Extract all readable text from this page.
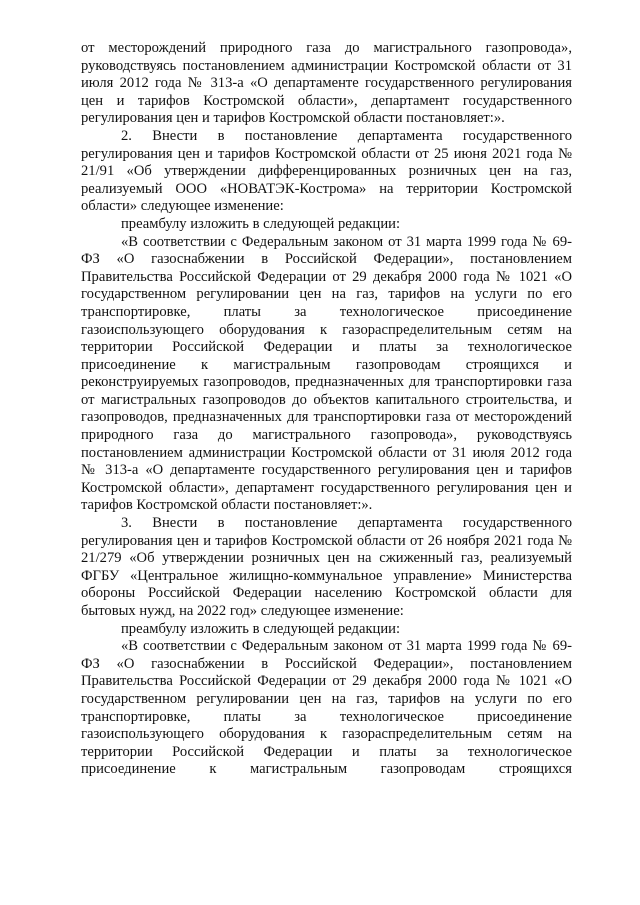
от месторождений природного газа до магистрального газопровода», руководствуясь постановлением администрации Костромской области от 31 июля 2012 года № 313-а «О департаменте государственного регулирования цен и тарифов Костромской области», департамент государственного регулирования цен и тарифов Костромской области постановляет:».

2. Внести в постановление департамента государственного регулирования цен и тарифов Костромской области от 25 июня 2021 года № 21/91 «Об утверждении дифференцированных розничных цен на газ, реализуемый ООО «НОВАТЭК-Кострома» на территории Костромской области» следующее изменение:

преамбулу изложить в следующей редакции:

«В соответствии с Федеральным законом от 31 марта 1999 года № 69-ФЗ «О газоснабжении в Российской Федерации», постановлением Правительства Российской Федерации от 29 декабря 2000 года № 1021 «О государственном регулировании цен на газ, тарифов на услуги по его транспортировке, платы за технологическое присоединение газоиспользующего оборудования к газораспределительным сетям на территории Российской Федерации и платы за технологическое присоединение к магистральным газопроводам строящихся и реконструируемых газопроводов, предназначенных для транспортировки газа от магистральных газопроводов до объектов капитального строительства, и газопроводов, предназначенных для транспортировки газа от месторождений природного газа до магистрального газопровода», руководствуясь постановлением администрации Костромской области от 31 июля 2012 года № 313-а «О департаменте государственного регулирования цен и тарифов Костромской области», департамент государственного регулирования цен и тарифов Костромской области постановляет:».

3. Внести в постановление департамента государственного регулирования цен и тарифов Костромской области от 26 ноября 2021 года № 21/279 «Об утверждении розничных цен на сжиженный газ, реализуемый ФГБУ «Центральное жилищно-коммунальное управление» Министерства обороны Российской Федерации населению Костромской области для бытовых нужд, на 2022 год» следующее изменение:

преамбулу изложить в следующей редакции:

«В соответствии с Федеральным законом от 31 марта 1999 года № 69-ФЗ «О газоснабжении в Российской Федерации», постановлением Правительства Российской Федерации от 29 декабря 2000 года № 1021 «О государственном регулировании цен на газ, тарифов на услуги по его транспортировке, платы за технологическое присоединение газоиспользующего оборудования к газораспределительным сетям на территории Российской Федерации и платы за технологическое присоединение к магистральным газопроводам строящихся
